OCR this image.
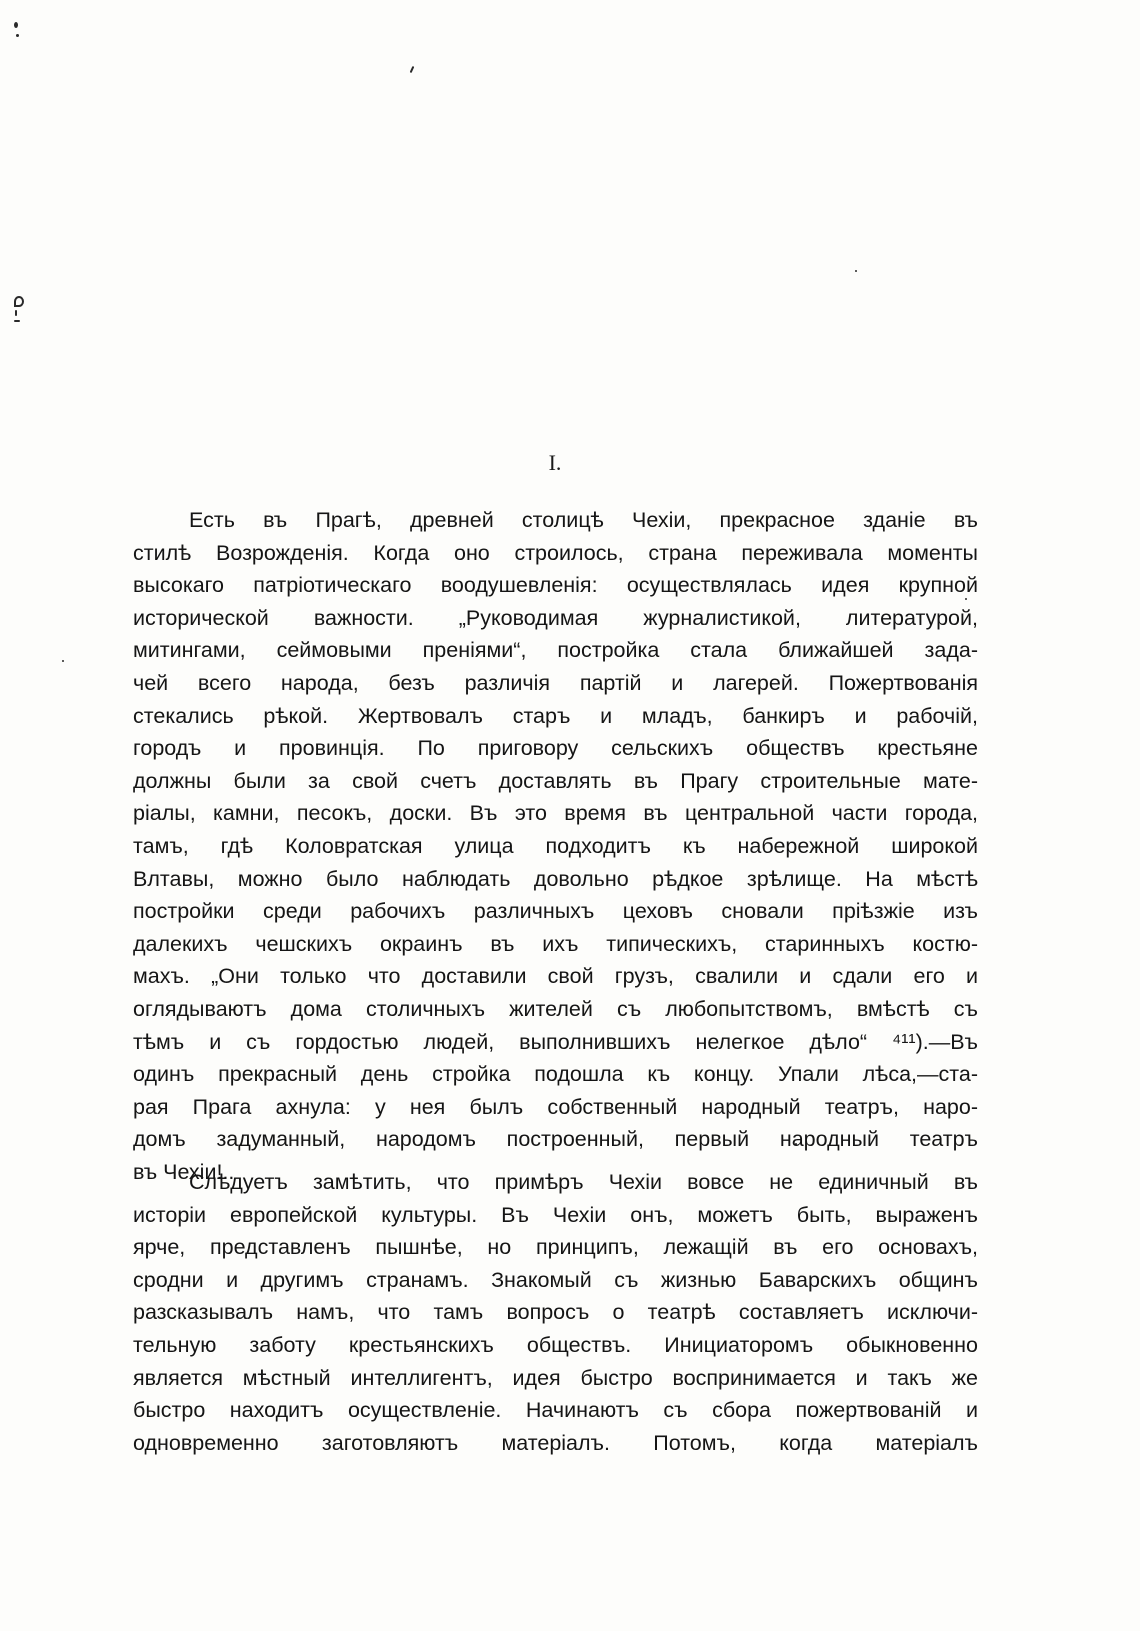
I.
Есть въ Прагѣ, древней столицѣ Чехіи, прекрасное зданіе въ
стилѣ Возрожденія. Когда оно строилось, страна переживала моменты
высокаго патріотическаго воодушевленія: осуществлялась идея крупной
исторической важности. „Руководимая журналистикой, литературой,
митингами, сеймовыми преніями“, постройка стала ближайшей зада-
чей всего народа, безъ различія партій и лагерей. Пожертвованія
стекались рѣкой. Жертвовалъ старъ и младъ, банкиръ и рабочій,
городъ и провинція. По приговору сельскихъ обществъ крестьяне
должны были за свой счетъ доставлять въ Прагу строительные мате-
ріалы, камни, песокъ, доски. Въ это время въ центральной части города,
тамъ, гдѣ Коловратская улица подходитъ къ набережной широкой
Влтавы, можно было наблюдать довольно рѣдкое зрѣлище. На мѣстѣ
постройки среди рабочихъ различныхъ цеховъ сновали пріѣзжіе изъ
далекихъ чешскихъ окраинъ въ ихъ типическихъ, старинныхъ костю-
махъ. „Они только что доставили свой грузъ, свалили и сдали его и
оглядываютъ дома столичныхъ жителей съ любопытствомъ, вмѣстѣ съ
тѣмъ и съ гордостью людей, выполнившихъ нелегкое дѣло“ ⁴¹¹).—Въ
одинъ прекрасный день стройка подошла къ концу. Упали лѣса,—ста-
рая Прага ахнула: у нея былъ собственный народный театръ, наро-
домъ задуманный, народомъ построенный, первый народный театръ
въ Чехіи!..
Слѣдуетъ замѣтить, что примѣръ Чехіи вовсе не единичный въ
исторіи европейской культуры. Въ Чехіи онъ, можетъ быть, выраженъ
ярче, представленъ пышнѣе, но принципъ, лежащій въ его основахъ,
сродни и другимъ странамъ. Знакомый съ жизнью Баварскихъ общинъ
разсказывалъ намъ, что тамъ вопросъ о театрѣ составляетъ исключи-
тельную заботу крестьянскихъ обществъ. Инициаторомъ обыкновенно
является мѣстный интеллигентъ, идея быстро воспринимается и такъ же
быстро находитъ осуществленіе. Начинаютъ съ сбора пожертвованій и
одновременно заготовляютъ матеріалъ. Потомъ, когда матеріалъ
